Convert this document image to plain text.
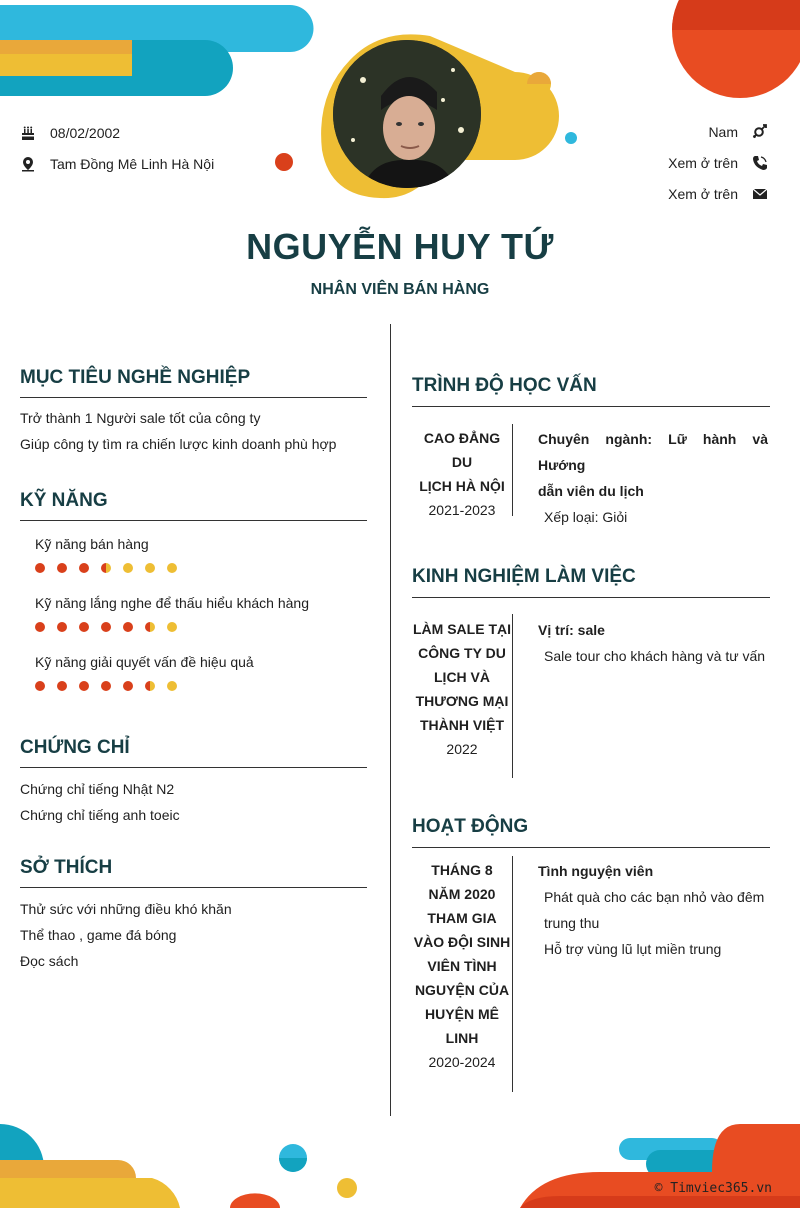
08/02/2002
Tam Đồng Mê Linh Hà Nội
Nam
Xem ở trên
Xem ở trên
NGUYỄN HUY TỨ
NHÂN VIÊN BÁN HÀNG
MỤC TIÊU NGHỀ NGHIỆP
Trở thành 1 Người sale tốt của công ty
Giúp công ty tìm ra chiến lược kinh doanh phù hợp
KỸ NĂNG
Kỹ năng bán hàng
Kỹ năng lắng nghe để thấu hiểu khách hàng
Kỹ năng giải quyết vấn đề hiệu quả
CHỨNG CHỈ
Chứng chỉ tiếng Nhật N2
Chứng chỉ tiếng anh toeic
SỞ THÍCH
Thử sức với những điều khó khăn
Thể thao , game đá bóng
Đọc sách
TRÌNH ĐỘ HỌC VẤN
CAO ĐẲNG DU
LỊCH HÀ NỘI
2021-2023
Chuyên ngành: Lữ hành và Hướng
dẫn viên du lịch
Xếp loại: Giỏi
KINH NGHIỆM LÀM VIỆC
LÀM SALE TẠI
CÔNG TY DU
LỊCH VÀ
THƯƠNG MẠI
THÀNH VIỆT
2022
Vị trí: sale
Sale tour cho khách hàng và tư vấn
HOẠT ĐỘNG
THÁNG 8
NĂM 2020
THAM GIA
VÀO ĐỘI SINH
VIÊN TÌNH
NGUYỆN CỦA
HUYỆN MÊ
LINH
2020-2024
Tình nguyện viên
Phát quà cho các bạn nhỏ vào đêm
trung thu
Hỗ trợ vùng lũ lụt miền trung
© Timviec365.vn
